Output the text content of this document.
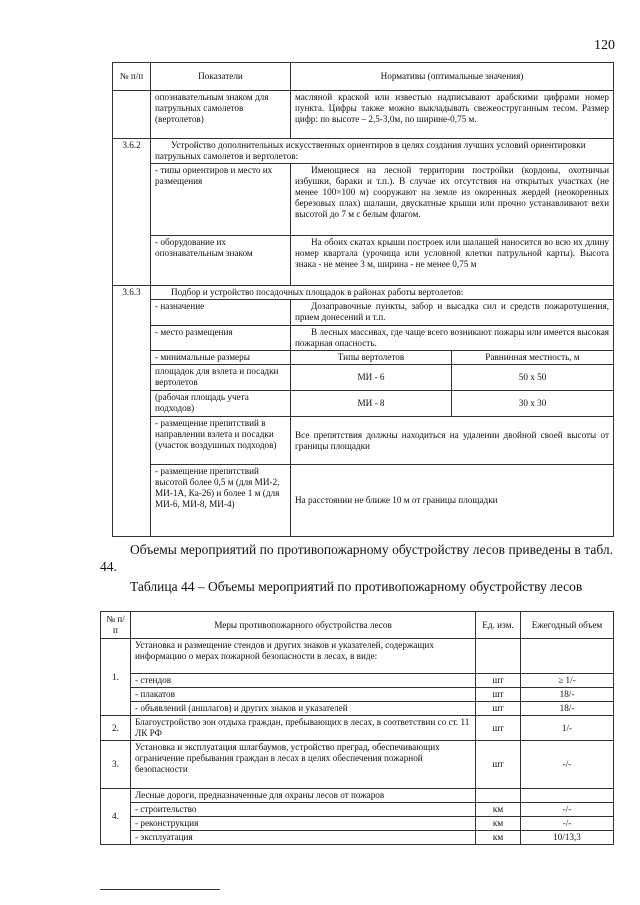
120
№ п/п	Показатели	Нормативы (оптимальные значения)	
	опознавательным знаком для патрульных самолетов (вертолетов)	масляной краской или известью надписывают арабскими цифрами номер пункта. Цифры также можно выкладывать свежеоструганным тесом. Размер цифр: по высоте – 2,5-3,0м, по ширине-0,75 м.	
3.6.2	Устройство дополнительных искусственных ориентиров в целях создания лучших условий ориентировки патрульных самолетов и вертолетов:		
	- типы ориентиров и место их размещения	Имеющиеся на лесной территории постройки (кордоны, охотничьи избушки, бараки и т.п.). В случае их отсутствия на открытых участках (не менее 100×100 м) сооружают на земле из окоренных жердей (неокоренных березовых плах) шалаши, двускатные крыши или прочно устанавливают вехи высотой до 7 м с белым флагом.	
	- оборудование их опознавательным знаком	На обоих скатах крыши построек или шалашей наносится во всю их длину номер квартала (урочища или условной клетки патрульной карты). Высота знака - не менее 3 м, ширина - не менее 0,75 м	
3.6.3	Подбор и устройство посадочных площадок в районах работы вертолетов:		
	- назначение	Дозаправочные пункты, забор и высадка сил и средств пожаротушения, прием донесений и т.п.	
	- место размещения	В лесных массивах, где чаще всего возникают пожары или имеется высокая пожарная опасность.	
	- минимальные размеры	Типы вертолетов	Равнинная местность, м
	площадок для взлета и посадки вертолетов	МИ - 6	50 х 50
	(рабочая площадь учета подходов)	МИ - 8	30 х 30
	- размещение препятствий в направлении взлета и посадки (участок воздушных подходов)	Все препятствия должны находиться на удалении двойной своей высоты от границы площадки	
	- размещение препятствий высотой более 0,5 м (для МИ-2, МИ-1А, Ка-26) и более 1 м (для МИ-6, МИ-8, МИ-4)	На расстоянии не ближе 10 м от границы площадки	
Объемы мероприятий по противопожарному обустройству лесов приведены в табл. 44.
Таблица 44 – Объемы мероприятий по противопожарному обустройству лесов
№ п/п	Меры противопожарного обустройства лесов	Ед. изм.	Ежегодный объем
1.	Установка и размещение стендов и других знаков и указателей, содержащих информацию о мерах пожарной безопасности в лесах, в виде:		
	- стендов	шт	≥ 1/-
	- плакатов	шт	18/-
	- объявлений (аншлагов) и других знаков и указателей	шт	18/-
2.	Благоустройство зон отдыха граждан, пребывающих в лесах, в соответствии со ст. 11 ЛК РФ	шт	1/-
3.	Установка и эксплуатация шлагбаумов, устройство преград, обеспечивающих ограничение пребывания граждан в лесах в целях обеспечения пожарной безопасности	шт	-/-
4.	Лесные дороги, предназначенные для охраны лесов от пожаров		
	- строительство	км	-/-
	- реконструкция	км	-/-
	- эксплуатация	км	10/13,3
